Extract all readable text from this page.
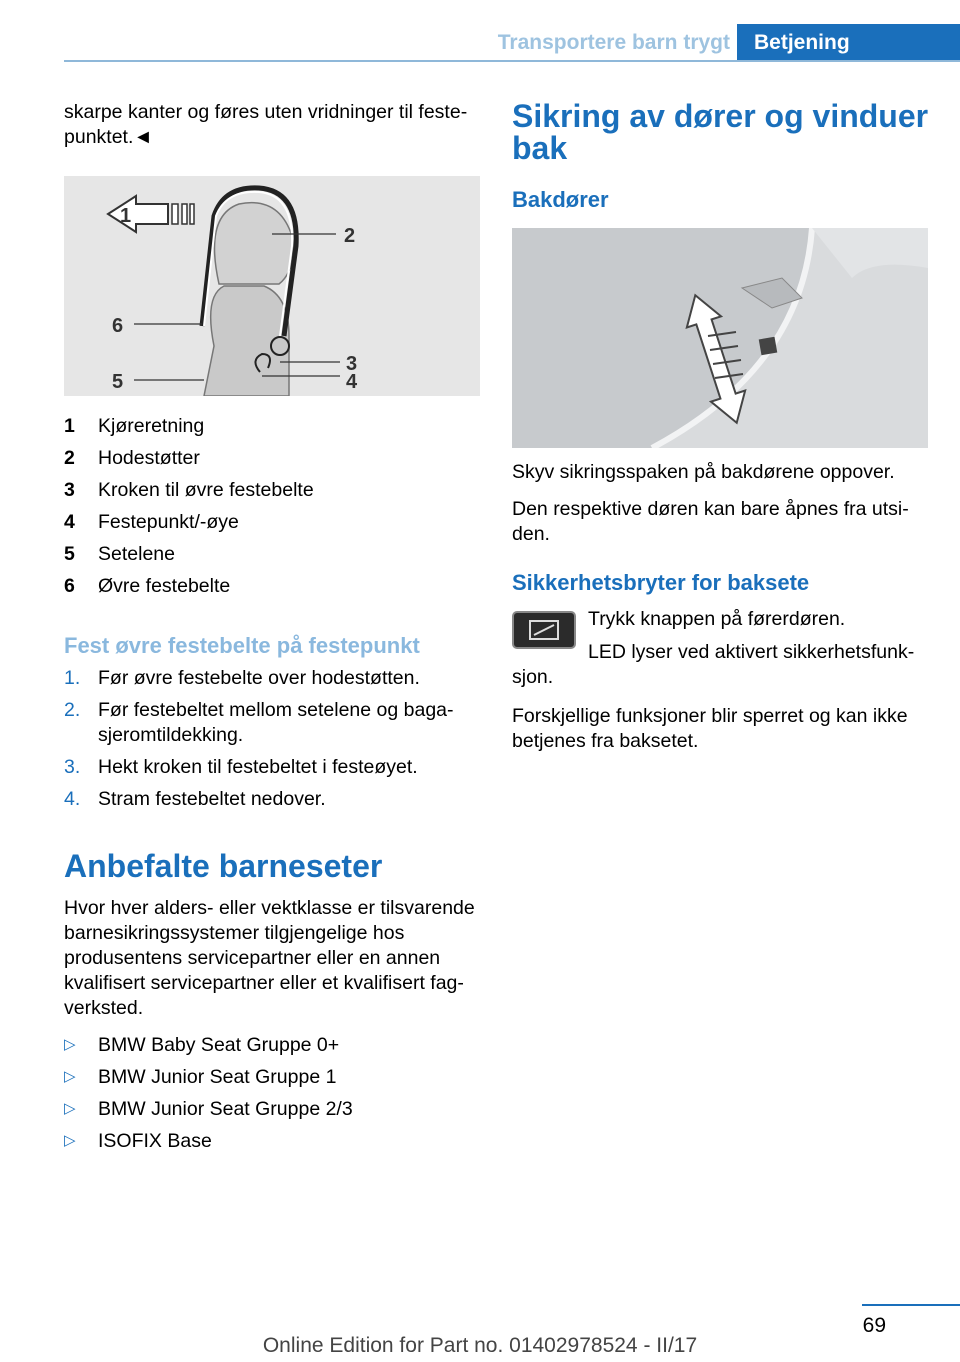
Transportere barn trygt	Betjening

skarpe kanter og føres uten vridninger til festepunktet.◄

1
2
6
3
5	4
1	Kjøreretning
2	Hodestøtter
3	Kroken til øvre festebelte
4	Festepunkt/-øye
5	Setelene
6	Øvre festebelte
Fest øvre festebelte på festepunkt
1. Før øvre festebelte over hodestøtten.
2. Før festebeltet mellom setelene og bagasjeromtildekking.
3. Hekt kroken til festebeltet i festeøyet.
4. Stram festebeltet nedover.
Anbefalte barneseter

Hvor hver alders- eller vektklasse er tilsvarende barnesikringssystemer tilgjengelige hos produsentens servicepartner eller en annen kvalifisert servicepartner eller et kvalifisert fagverksted.

▷	BMW Baby Seat Gruppe 0+
▷	BMW Junior Seat Gruppe 1
▷	BMW Junior Seat Gruppe 2/3
▷	ISOFIX Base
Sikring av dører og vinduer bak
Bakdører

Skyv sikringsspaken på bakdørene oppover.

Den respektive døren kan bare åpnes fra utsiden.

Sikkerhetsbryter for baksete

Trykk knappen på førerdøren.

LED lyser ved aktivert sikkerhetsfunksjon.

Forskjellige funksjoner blir sperret og kan ikke betjenes fra baksetet.

69
Online Edition for Part no. 01402978524 - II/17
